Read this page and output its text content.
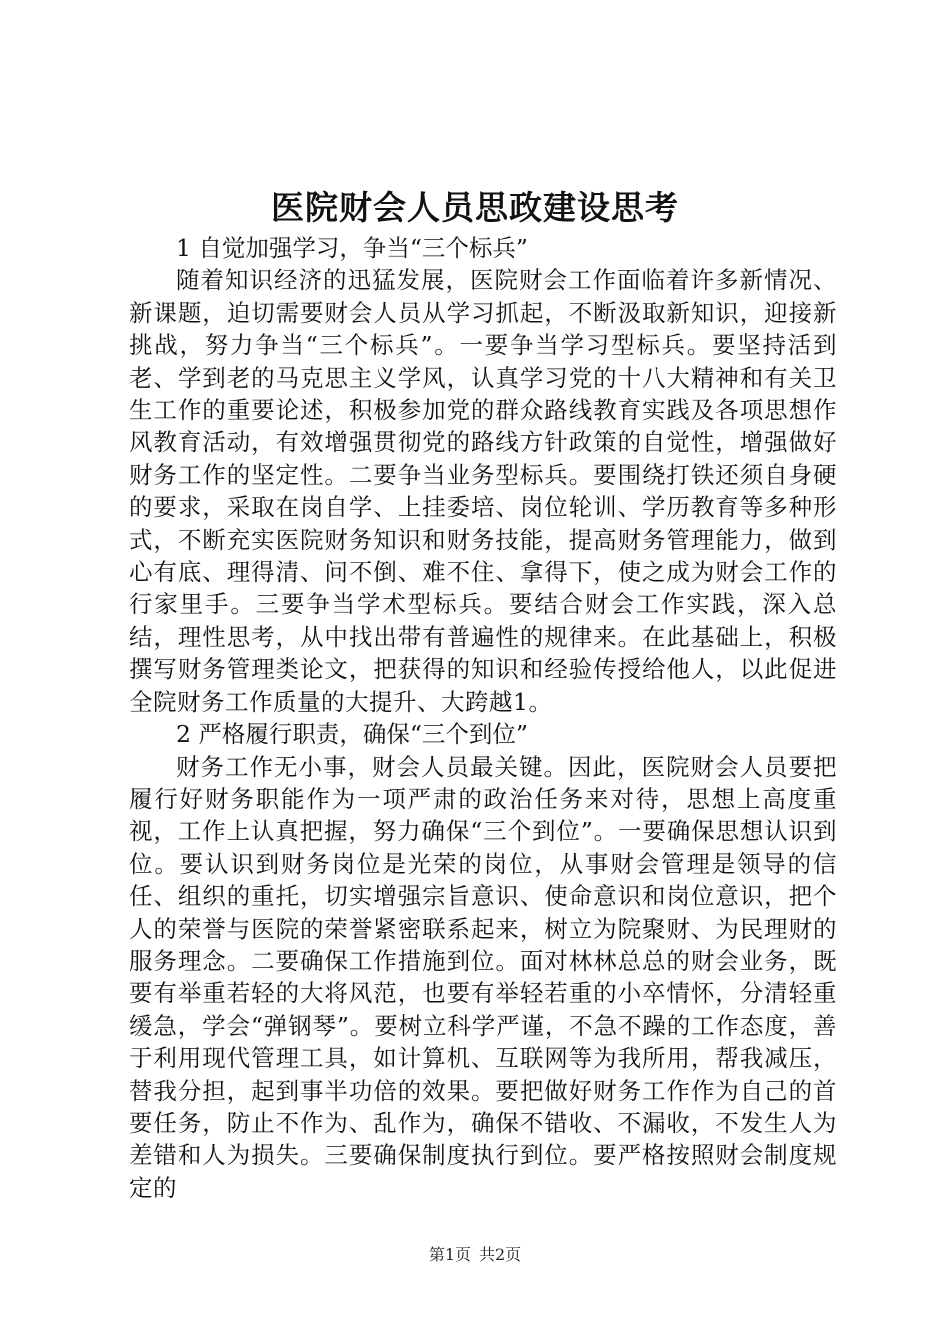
医院财会人员思政建设思考

1 自觉加强学习，争当“三个标兵”

随着知识经济的迅猛发展，医院财会工作面临着许多新情况、新课题，迫切需要财会人员从学习抓起，不断汲取新知识，迎接新挑战，努力争当“三个标兵”。一要争当学习型标兵。要坚持活到老、学到老的马克思主义学风，认真学习党的十八大精神和有关卫生工作的重要论述，积极参加党的群众路线教育实践及各项思想作风教育活动，有效增强贯彻党的路线方针政策的自觉性，增强做好财务工作的坚定性。二要争当业务型标兵。要围绕打铁还须自身硬的要求，采取在岗自学、上挂委培、岗位轮训、学历教育等多种形式，不断充实医院财务知识和财务技能，提高财务管理能力，做到心有底、理得清、问不倒、难不住、拿得下，使之成为财会工作的行家里手。三要争当学术型标兵。要结合财会工作实践，深入总结，理性思考，从中找出带有普遍性的规律来。在此基础上，积极撰写财务管理类论文，把获得的知识和经验传授给他人，以此促进全院财务工作质量的大提升、大跨越1。

2 严格履行职责，确保“三个到位”

财务工作无小事，财会人员最关键。因此，医院财会人员要把履行好财务职能作为一项严肃的政治任务来对待，思想上高度重视，工作上认真把握，努力确保“三个到位”。一要确保思想认识到位。要认识到财务岗位是光荣的岗位，从事财会管理是领导的信任、组织的重托，切实增强宗旨意识、使命意识和岗位意识，把个人的荣誉与医院的荣誉紧密联系起来，树立为院聚财、为民理财的服务理念。二要确保工作措施到位。面对林林总总的财会业务，既要有举重若轻的大将风范，也要有举轻若重的小卒情怀，分清轻重缓急，学会“弹钢琴”。要树立科学严谨，不急不躁的工作态度，善于利用现代管理工具，如计算机、互联网等为我所用，帮我减压，替我分担，起到事半功倍的效果。要把做好财务工作作为自己的首要任务，防止不作为、乱作为，确保不错收、不漏收，不发生人为差错和人为损失。三要确保制度执行到位。要严格按照财会制度规定的

第1页 共2页
